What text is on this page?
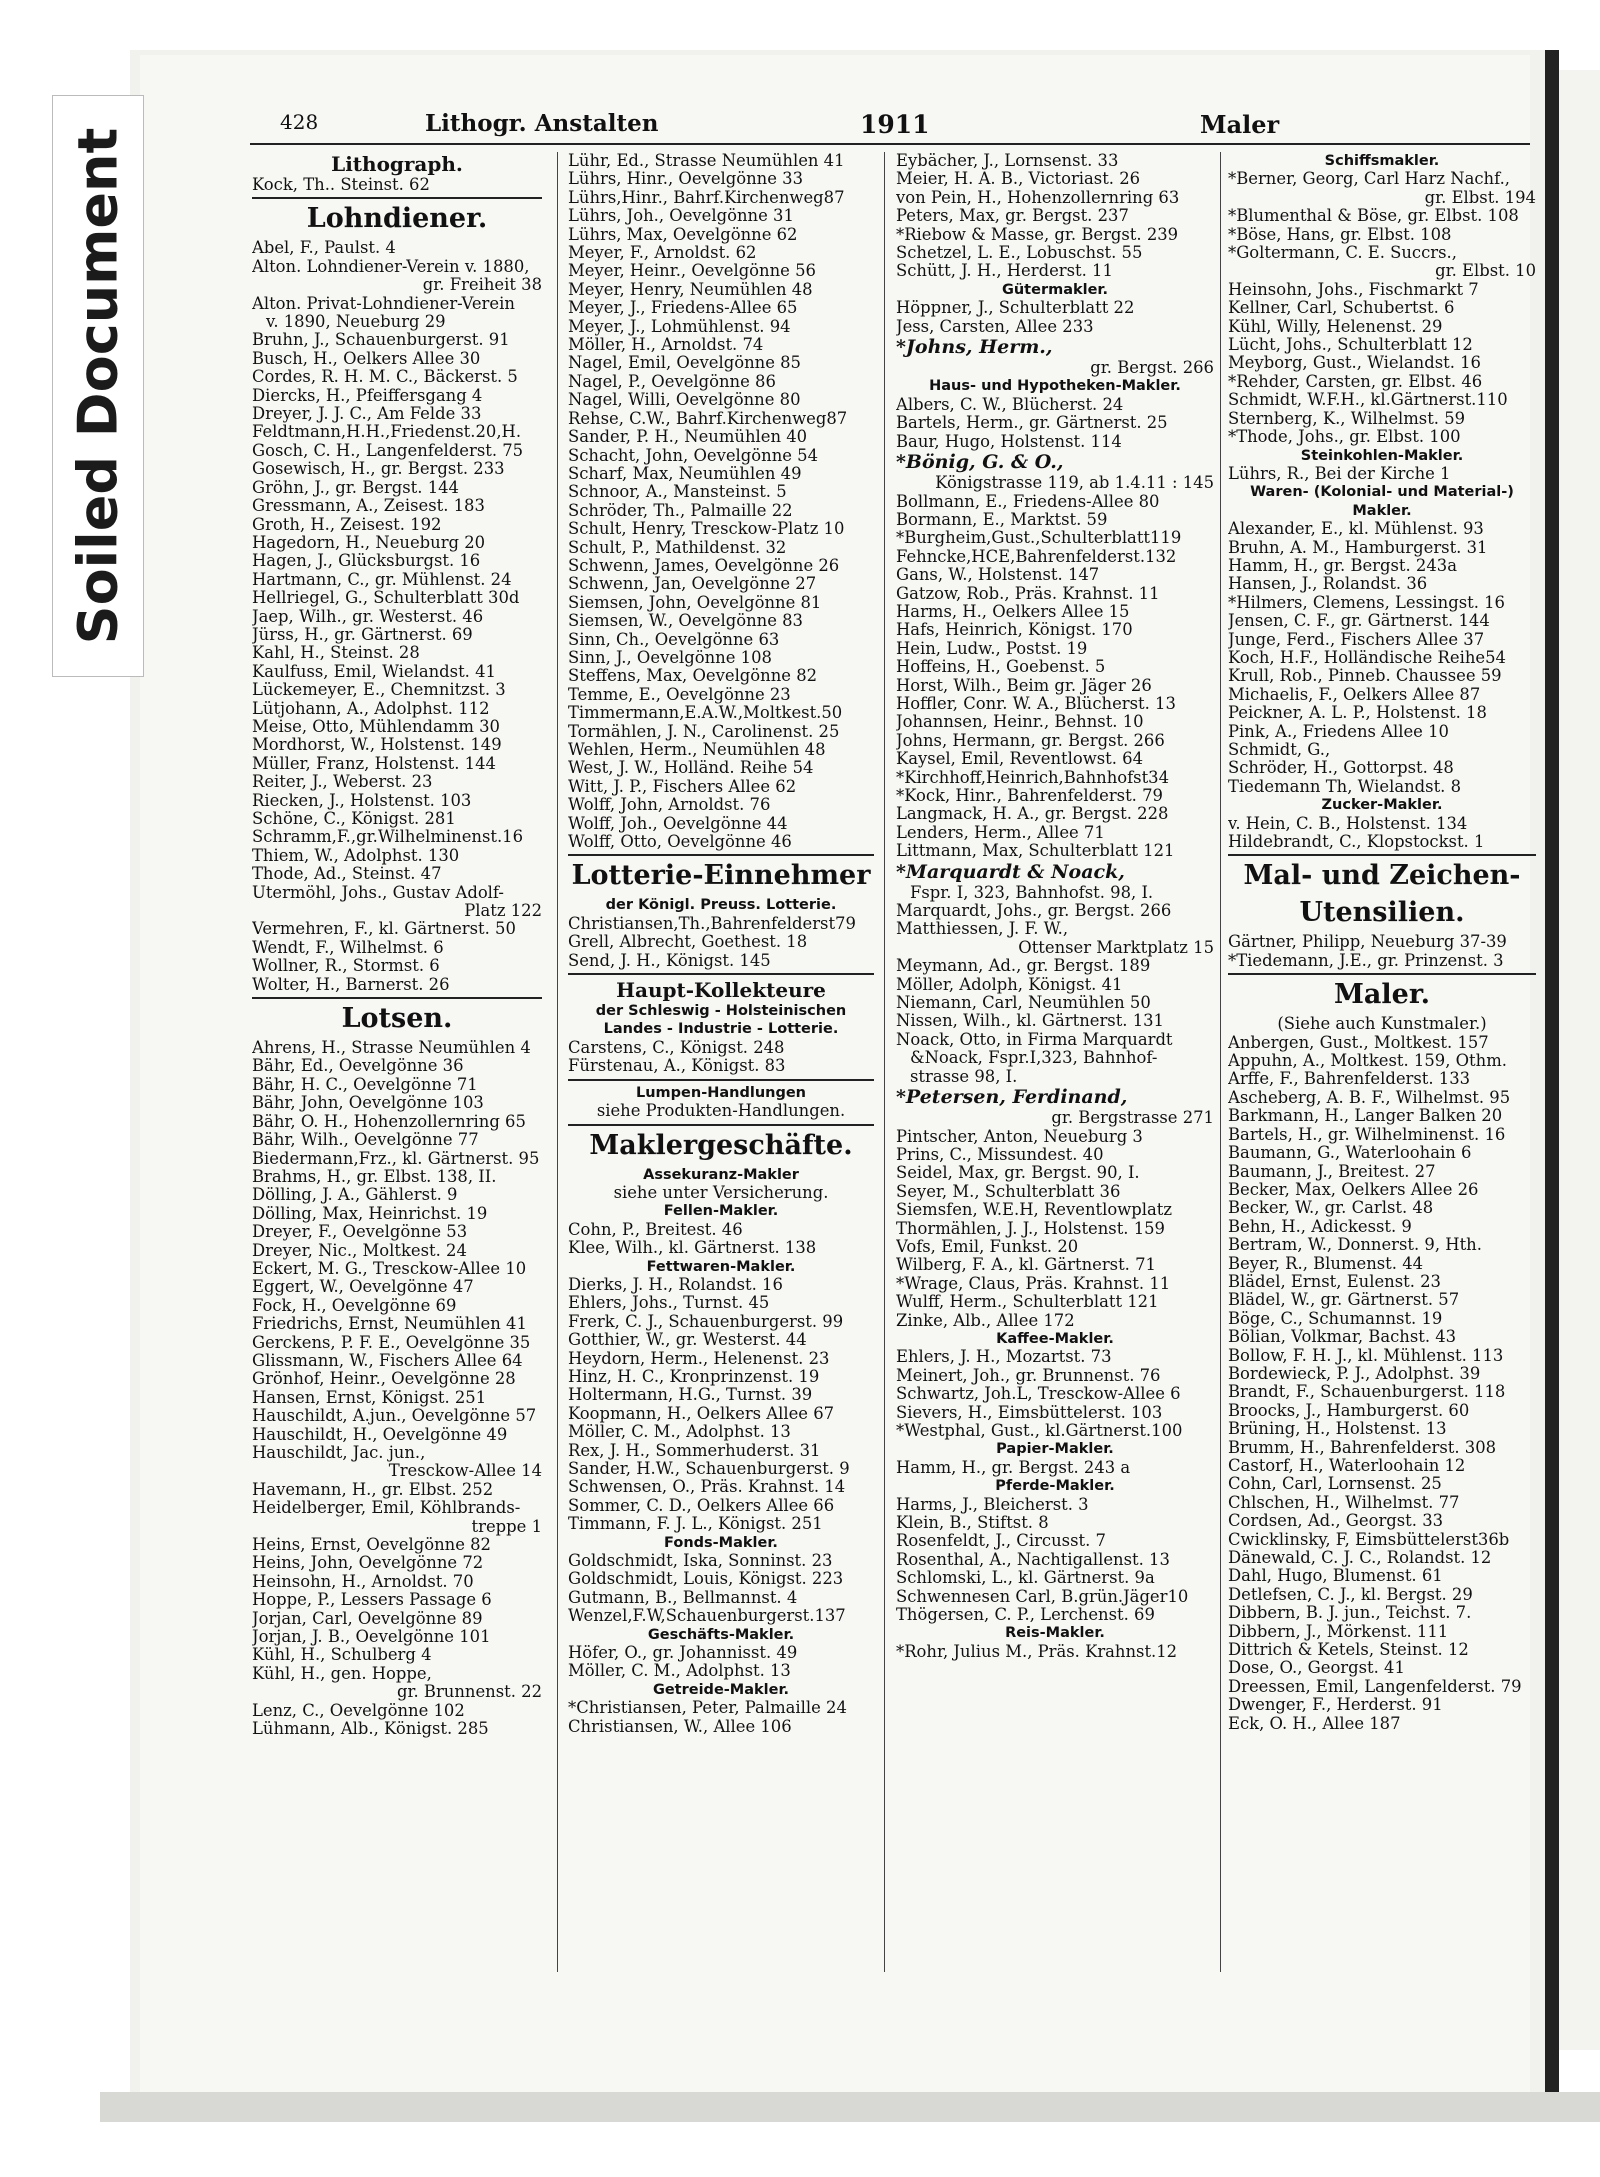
Soiled Document
428	Lithogr. Anstalten	1911	Maler
Lithograph.
Kock, Th.. Steinst. 62
Lohndiener.
Abel, F., Paulst. 4
Alton. Lohndiener-Verein v. 1880,
gr. Freiheit 38
Alton. Privat-Lohndiener-Verein
v. 1890, Neueburg 29
Bruhn, J., Schauenburgerst. 91
Busch, H., Oelkers Allee 30
Cordes, R. H. M. C., Bäckerst. 5
Diercks, H., Pfeiffersgang 4
Dreyer, J. J. C., Am Felde 33
Feldtmann,H.H.,Friedenst.20,H.
Gosch, C. H., Langenfelderst. 75
Gosewisch, H., gr. Bergst. 233
Gröhn, J., gr. Bergst. 144
Gressmann, A., Zeisest. 183
Groth, H., Zeisest. 192
Hagedorn, H., Neueburg 20
Hagen, J., Glücksburgst. 16
Hartmann, C., gr. Mühlenst. 24
Hellriegel, G., Schulterblatt 30d
Jaep, Wilh., gr. Westerst. 46
Jürss, H., gr. Gärtnerst. 69
Kahl, H., Steinst. 28
Kaulfuss, Emil, Wielandst. 41
Lückemeyer, E., Chemnitzst. 3
Lütjohann, A., Adolphst. 112
Meise, Otto, Mühlendamm 30
Mordhorst, W., Holstenst. 149
Müller, Franz, Holstenst. 144
Reiter, J., Weberst. 23
Riecken, J., Holstenst. 103
Schöne, C., Königst. 281
Schramm,F.,gr.Wilhelminenst.16
Thiem, W., Adolphst. 130
Thode, Ad., Steinst. 47
Utermöhl, Johs., Gustav Adolf-
Platz 122
Vermehren, F., kl. Gärtnerst. 50
Wendt, F., Wilhelmst. 6
Wollner, R., Stormst. 6
Wolter, H., Barnerst. 26
Lotsen.
Ahrens, H., Strasse Neumühlen 4
Bähr, Ed., Oevelgönne 36
Bähr, H. C., Oevelgönne 71
Bähr, John, Oevelgönne 103
Bähr, O. H., Hohenzollernring 65
Bähr, Wilh., Oevelgönne 77
Biedermann,Frz., kl. Gärtnerst. 95
Brahms, H., gr. Elbst. 138, II.
Dölling, J. A., Gählerst. 9
Dölling, Max, Heinrichst. 19
Dreyer, F., Oevelgönne 53
Dreyer, Nic., Moltkest. 24
Eckert, M. G., Tresckow-Allee 10
Eggert, W., Oevelgönne 47
Fock, H., Oevelgönne 69
Friedrichs, Ernst, Neumühlen 41
Gerckens, P. F. E., Oevelgönne 35
Glissmann, W., Fischers Allee 64
Grönhof, Heinr., Oevelgönne 28
Hansen, Ernst, Königst. 251
Hauschildt, A.jun., Oevelgönne 57
Hauschildt, H., Oevelgönne 49
Hauschildt, Jac. jun.,
Tresckow-Allee 14
Havemann, H., gr. Elbst. 252
Heidelberger, Emil, Köhlbrands-
treppe 1
Heins, Ernst, Oevelgönne 82
Heins, John, Oevelgönne 72
Heinsohn, H., Arnoldst. 70
Hoppe, P., Lessers Passage 6
Jorjan, Carl, Oevelgönne 89
Jorjan, J. B., Oevelgönne 101
Kühl, H., Schulberg 4
Kühl, H., gen. Hoppe,
gr. Brunnenst. 22
Lenz, C., Oevelgönne 102
Lühmann, Alb., Königst. 285
Lühr, Ed., Strasse Neumühlen 41
Lührs, Hinr., Oevelgönne 33
Lührs,Hinr., Bahrf.Kirchenweg87
Lührs, Joh., Oevelgönne 31
Lührs, Max, Oevelgönne 62
Meyer, F., Arnoldst. 62
Meyer, Heinr., Oevelgönne 56
Meyer, Henry, Neumühlen 48
Meyer, J., Friedens-Allee 65
Meyer, J., Lohmühlenst. 94
Möller, H., Arnoldst. 74
Nagel, Emil, Oevelgönne 85
Nagel, P., Oevelgönne 86
Nagel, Willi, Oevelgönne 80
Rehse, C.W., Bahrf.Kirchenweg87
Sander, P. H., Neumühlen 40
Schacht, John, Oevelgönne 54
Scharf, Max, Neumühlen 49
Schnoor, A., Mansteinst. 5
Schröder, Th., Palmaille 22
Schult, Henry, Tresckow-Platz 10
Schult, P., Mathildenst. 32
Schwenn, James, Oevelgönne 26
Schwenn, Jan, Oevelgönne 27
Siemsen, John, Oevelgönne 81
Siemsen, W., Oevelgönne 83
Sinn, Ch., Oevelgönne 63
Sinn, J., Oevelgönne 108
Steffens, Max, Oevelgönne 82
Temme, E., Oevelgönne 23
Timmermann,E.A.W.,Moltkest.50
Tormählen, J. N., Carolinenst. 25
Wehlen, Herm., Neumühlen 48
West, J. W., Holländ. Reihe 54
Witt, J. P., Fischers Allee 62
Wolff, John, Arnoldst. 76
Wolff, Joh., Oevelgönne 44
Wolff, Otto, Oevelgönne 46
Lotterie-Einnehmer
der Königl. Preuss. Lotterie.
Christiansen,Th.,Bahrenfelderst79
Grell, Albrecht, Goethest. 18
Send, J. H., Königst. 145
Haupt-Kollekteure
der Schleswig - Holsteinischen
Landes - Industrie - Lotterie.
Carstens, C., Königst. 248
Fürstenau, A., Königst. 83
Lumpen-Handlungen
siehe Produkten-Handlungen.
Maklergeschäfte.
Assekuranz-Makler
siehe unter Versicherung.
Fellen-Makler.
Cohn, P., Breitest. 46
Klee, Wilh., kl. Gärtnerst. 138
Fettwaren-Makler.
Dierks, J. H., Rolandst. 16
Ehlers, Johs., Turnst. 45
Frerk, C. J., Schauenburgerst. 99
Gotthier, W., gr. Westerst. 44
Heydorn, Herm., Helenenst. 23
Hinz, H. C., Kronprinzenst. 19
Holtermann, H.G., Turnst. 39
Koopmann, H., Oelkers Allee 67
Möller, C. M., Adolphst. 13
Rex, J. H., Sommerhuderst. 31
Sander, H.W., Schauenburgerst. 9
Schwensen, O., Präs. Krahnst. 14
Sommer, C. D., Oelkers Allee 66
Timmann, F. J. L., Königst. 251
Fonds-Makler.
Goldschmidt, Iska, Sonninst. 23
Goldschmidt, Louis, Königst. 223
Gutmann, B., Bellmannst. 4
Wenzel,F.W,Schauenburgerst.137
Geschäfts-Makler.
Höfer, O., gr. Johannisst. 49
Möller, C. M., Adolphst. 13
Getreide-Makler.
*Christiansen, Peter, Palmaille 24
Christiansen, W., Allee 106
Eybächer, J., Lornsenst. 33
Meier, H. A. B., Victoriast. 26
von Pein, H., Hohenzollernring 63
Peters, Max, gr. Bergst. 237
*Riebow & Masse, gr. Bergst. 239
Schetzel, L. E., Lobuschst. 55
Schütt, J. H., Herderst. 11
Gütermakler.
Höppner, J., Schulterblatt 22
Jess, Carsten, Allee 233
*Johns, Herm.,
gr. Bergst. 266
Haus- und Hypotheken-Makler.
Albers, C. W., Blücherst. 24
Bartels, Herm., gr. Gärtnerst. 25
Baur, Hugo, Holstenst. 114
*Bönig, G. & O.,
Königstrasse 119, ab 1.4.11 : 145
Bollmann, E., Friedens-Allee 80
Bormann, E., Marktst. 59
*Burgheim,Gust.,Schulterblatt119
Fehncke,HCE,Bahrenfelderst.132
Gans, W., Holstenst. 147
Gatzow, Rob., Präs. Krahnst. 11
Harms, H., Oelkers Allee 15
Hafs, Heinrich, Königst. 170
Hein, Ludw., Postst. 19
Hoffeins, H., Goebenst. 5
Horst, Wilh., Beim gr. Jäger 26
Hoffler, Conr. W. A., Blücherst. 13
Johannsen, Heinr., Behnst. 10
Johns, Hermann, gr. Bergst. 266
Kaysel, Emil, Reventlowst. 64
*Kirchhoff,Heinrich,Bahnhofst34
*Kock, Hinr., Bahrenfelderst. 79
Langmack, H. A., gr. Bergst. 228
Lenders, Herm., Allee 71
Littmann, Max, Schulterblatt 121
*Marquardt & Noack,
Fspr. I, 323, Bahnhofst. 98, I.
Marquardt, Johs., gr. Bergst. 266
Matthiessen, J. F. W.,
Ottenser Marktplatz 15
Meymann, Ad., gr. Bergst. 189
Möller, Adolph, Königst. 41
Niemann, Carl, Neumühlen 50
Nissen, Wilh., kl. Gärtnerst. 131
Noack, Otto, in Firma Marquardt
&Noack, Fspr.I,323, Bahnhof-
strasse 98, I.
*Petersen, Ferdinand,
gr. Bergstrasse 271
Pintscher, Anton, Neueburg 3
Prins, C., Missundest. 40
Seidel, Max, gr. Bergst. 90, I.
Seyer, M., Schulterblatt 36
Siemsfen, W.E.H, Reventlowplatz
Thormählen, J. J., Holstenst. 159
Vofs, Emil, Funkst. 20
Wilberg, F. A., kl. Gärtnerst. 71
*Wrage, Claus, Präs. Krahnst. 11
Wulff, Herm., Schulterblatt 121
Zinke, Alb., Allee 172
Kaffee-Makler.
Ehlers, J. H., Mozartst. 73
Meinert, Joh., gr. Brunnenst. 76
Schwartz, Joh.L, Tresckow-Allee 6
Sievers, H., Eimsbüttelerst. 103
*Westphal, Gust., kl.Gärtnerst.100
Papier-Makler.
Hamm, H., gr. Bergst. 243 a
Pferde-Makler.
Harms, J., Bleicherst. 3
Klein, B., Stiftst. 8
Rosenfeldt, J., Circusst. 7
Rosenthal, A., Nachtigallenst. 13
Schlomski, L., kl. Gärtnerst. 9a
Schwennesen Carl, B.grün.Jäger10
Thögersen, C. P., Lerchenst. 69
Reis-Makler.
*Rohr, Julius M., Präs. Krahnst.12
Schiffsmakler.
*Berner, Georg, Carl Harz Nachf.,
gr. Elbst. 194
*Blumenthal & Böse, gr. Elbst. 108
*Böse, Hans, gr. Elbst. 108
*Goltermann, C. E. Succrs.,
gr. Elbst. 10
Heinsohn, Johs., Fischmarkt 7
Kellner, Carl, Schubertst. 6
Kühl, Willy, Helenenst. 29
Lücht, Johs., Schulterblatt 12
Meyborg, Gust., Wielandst. 16
*Rehder, Carsten, gr. Elbst. 46
Schmidt, W.F.H., kl.Gärtnerst.110
Sternberg, K., Wilhelmst. 59
*Thode, Johs., gr. Elbst. 100
Steinkohlen-Makler.
Lührs, R., Bei der Kirche 1
Waren- (Kolonial- und Material-)
Makler.
Alexander, E., kl. Mühlenst. 93
Bruhn, A. M., Hamburgerst. 31
Hamm, H., gr. Bergst. 243a
Hansen, J., Rolandst. 36
*Hilmers, Clemens, Lessingst. 16
Jensen, C. F., gr. Gärtnerst. 144
Junge, Ferd., Fischers Allee 37
Koch, H.F., Holländische Reihe54
Krull, Rob., Pinneb. Chaussee 59
Michaelis, F., Oelkers Allee 87
Peickner, A. L. P., Holstenst. 18
Pink, A., Friedens Allee 10
Schmidt, G.,
Schröder, H., Gottorpst. 48
Tiedemann Th, Wielandst. 8
Zucker-Makler.
v. Hein, C. B., Holstenst. 134
Hildebrandt, C., Klopstockst. 1
Mal- und Zeichen-
Utensilien.
Gärtner, Philipp, Neueburg 37-39
*Tiedemann, J.E., gr. Prinzenst. 3
Maler.
(Siehe auch Kunstmaler.)
Anbergen, Gust., Moltkest. 157
Appuhn, A., Moltkest. 159, Othm.
Arffe, F., Bahrenfelderst. 133
Ascheberg, A. B. F., Wilhelmst. 95
Barkmann, H., Langer Balken 20
Bartels, H., gr. Wilhelminenst. 16
Baumann, G., Waterloohain 6
Baumann, J., Breitest. 27
Becker, Max, Oelkers Allee 26
Becker, W., gr. Carlst. 48
Behn, H., Adickesst. 9
Bertram, W., Donnerst. 9, Hth.
Beyer, R., Blumenst. 44
Blädel, Ernst, Eulenst. 23
Blädel, W., gr. Gärtnerst. 57
Böge, C., Schumannst. 19
Bölian, Volkmar, Bachst. 43
Bollow, F. H. J., kl. Mühlenst. 113
Bordewieck, P. J., Adolphst. 39
Brandt, F., Schauenburgerst. 118
Broocks, J., Hamburgerst. 60
Brüning, H., Holstenst. 13
Brumm, H., Bahrenfelderst. 308
Castorf, H., Waterloohain 12
Cohn, Carl, Lornsenst. 25
Chlschen, H., Wilhelmst. 77
Cordsen, Ad., Georgst. 33
Cwicklinsky, F, Eimsbüttelerst36b
Dänewald, C. J. C., Rolandst. 12
Dahl, Hugo, Blumenst. 61
Detlefsen, C. J., kl. Bergst. 29
Dibbern, B. J. jun., Teichst. 7.
Dibbern, J., Mörkenst. 111
Dittrich & Ketels, Steinst. 12
Dose, O., Georgst. 41
Dreessen, Emil, Langenfelderst. 79
Dwenger, F., Herderst. 91
Eck, O. H., Allee 187
